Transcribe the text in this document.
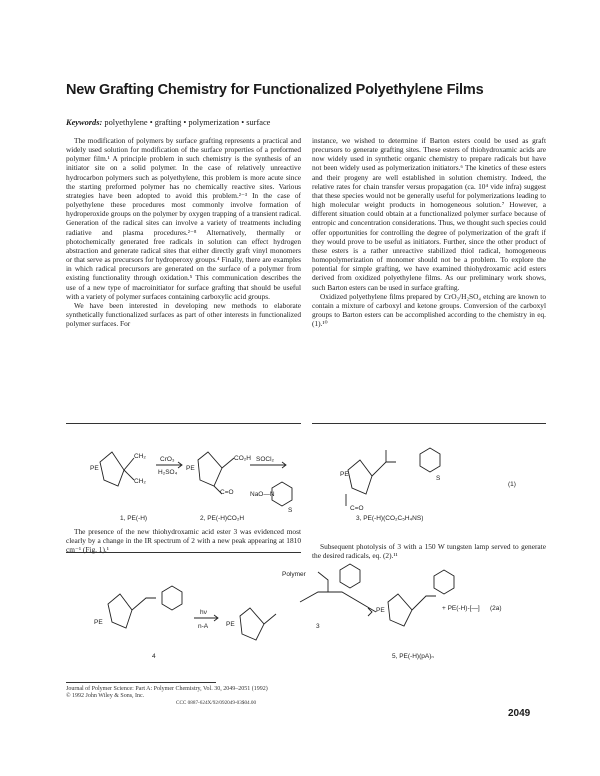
New Grafting Chemistry for Functionalized Polyethylene Films
Keywords: polyethylene • grafting • polymerization • surface

The modification of polymers by surface grafting represents a practical and widely used solution for modification of the surface properties of a preformed polymer film.¹ A principle problem in such chemistry is the synthesis of an initiator site on a solid polymer. In the case of relatively unreactive hydrocarbon polymers such as polyethylene, this problem is more acute since the starting preformed polymer has no chemically reactive sites. Various strategies have been adopted to avoid this problem.²⁻³ In the case of polyethylene these procedures most commonly involve formation of hydroperoxide groups on the polymer by oxygen trapping of a transient radical. Generation of the radical sites can involve a variety of treatments including radiative and plasma procedures.²⁻⁸ Alternatively, thermally or photochemically generated free radicals in solution can effect hydrogen abstraction and generate radical sites that either directly graft vinyl monomers or that serve as precursors for hydroperoxy groups.⁴ Finally, there are examples in which radical precursors are generated on the surface of a polymer from existing functionality through oxidation.⁵ This communication describes the use of a new type of macroinitiator for surface grafting that should be useful with a variety of polymer surfaces containing carboxylic acid groups.

We have been interested in developing new methods to elaborate synthetically functionalized surfaces as part of other interests in functionalized polymer surfaces. For

instance, we wished to determine if Barton esters could be used as graft precursors to generate grafting sites. These esters of thiohydroxamic acids are now widely used in synthetic organic chemistry to prepare radicals but have not been widely used as polymerization initiators.⁶ The kinetics of these esters and their progeny are well established in solution chemistry. Indeed, the relative rates for chain transfer versus propagation (ca. 10⁴ vide infra) suggest that these species would not be generally useful for polymerizations leading to high molecular weight products in homogeneous solution.⁷ However, a different situation could obtain at a functionalized polymer surface because of entropic and concentration considerations. Thus, we thought such species could offer opportunities for controlling the degree of polymerization of the graft if they would prove to be useful as initiators. Further, since the other product of these esters is a rather unreactive stabilized thiol radical, homogeneous homopolymerization of monomer should not be a problem. To explore the potential for simple grafting, we have examined thiohydroxamic acid esters derived from oxidized polyethylene films. As our preliminary work shows, such Barton esters can be used in surface grafting.

Oxidized polyethylene films prepared by CrO₃/H₂SO₄ etching are known to contain a mixture of carboxyl and ketone groups. Conversion of the carboxyl groups to Barton esters can be accomplished according to the chemistry in eq. (1).¹⁰

PE
CH₂
CH₂
CrO₃
H₂SO₄
PE
CO₂H
C=O
SOCl₂
NaO—N
S
PE
C=O
S
1, PE(-H)	2, PE(-H)CO₂H	3, PE(-H)(CO₂C₅H₄NS)
(1)

The presence of the new thiohydroxamic acid ester 3 was evidenced most clearly by a change in the IR spectrum of 2 with a new peak appearing at 1810 cm⁻¹ (Fig. 1).¹	Subsequent photolysis of 3 with a 150 W tungsten lamp served to generate the desired radicals, eq. (2).¹¹

Polymer
PE
hν
n-A	PE	3
PE	+ PE(-H)-[—]
4	5, PE(-H)(pA)ₙ
(2a)
Journal of Polymer Science: Part A: Polymer Chemistry, Vol. 30, 2049–2051 (1992)
© 1992 John Wiley & Sons, Inc.
CCC 0887-624X/92/092049-03$04.00
2049
